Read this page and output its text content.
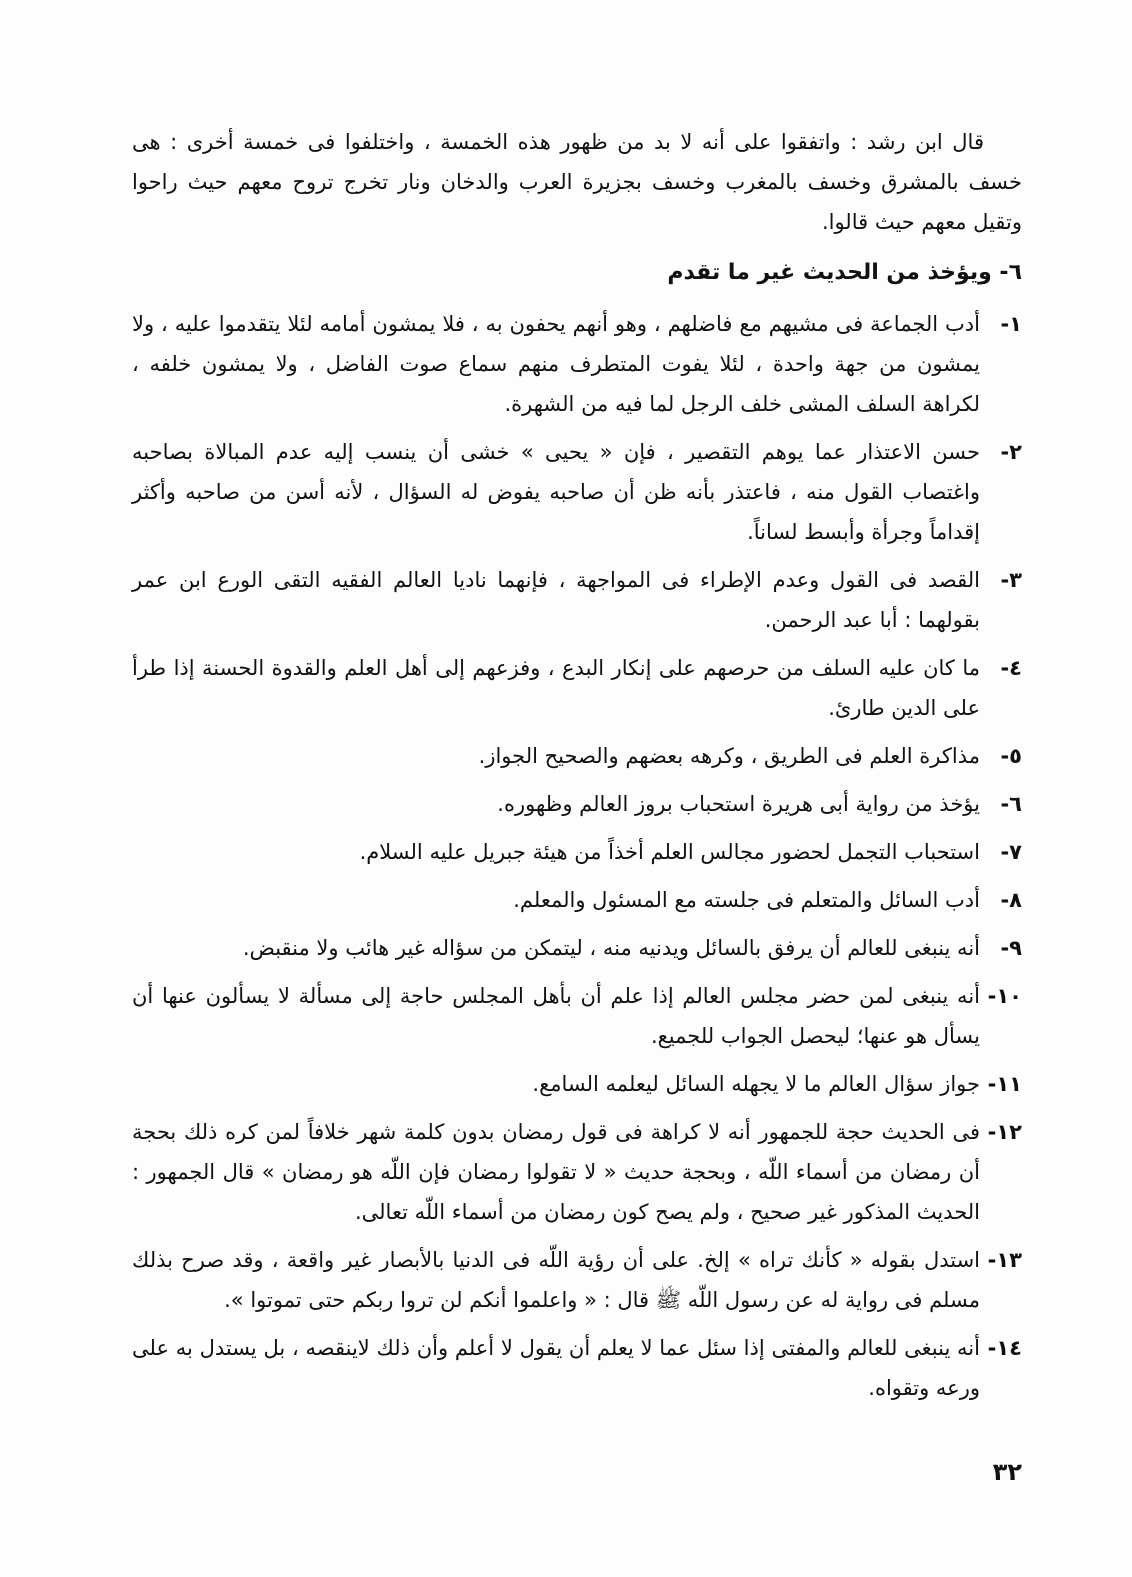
قال ابن رشد : واتفقوا على أنه لا بد من ظهور هذه الخمسة ، واختلفوا فى خمسة أخرى : هى خسف بالمشرق وخسف بالمغرب وخسف بجزيرة العرب والدخان ونار تخرج تروح معهم حيث راحوا وتقيل معهم حيث قالوا.

٦- ويؤخذ من الحديث غير ما تقدم
١-
أدب الجماعة فى مشيهم مع فاضلهم ، وهو أنهم يحفون به ، فلا يمشون أمامه لئلا يتقدموا عليه ، ولا يمشون من جهة واحدة ، لئلا يفوت المتطرف منهم سماع صوت الفاضل ، ولا يمشون خلفه ، لكراهة السلف المشى خلف الرجل لما فيه من الشهرة.
٢-
حسن الاعتذار عما يوهم التقصير ، فإن « يحيى » خشى أن ينسب إليه عدم المبالاة بصاحبه واغتصاب القول منه ، فاعتذر بأنه ظن أن صاحبه يفوض له السؤال ، لأنه أسن من صاحبه وأكثر إقداماً وجرأة وأبسط لساناً.
٣-
القصد فى القول وعدم الإطراء فى المواجهة ، فإنهما ناديا العالم الفقيه التقى الورع ابن عمر بقولهما : أبا عبد الرحمن.
٤-
ما كان عليه السلف من حرصهم على إنكار البدع ، وفزعهم إلى أهل العلم والقدوة الحسنة إذا طرأ على الدين طارئ.
٥-
مذاكرة العلم فى الطريق ، وكرهه بعضهم والصحيح الجواز.
٦-
يؤخذ من رواية أبى هريرة استحباب بروز العالم وظهوره.
٧-
استحباب التجمل لحضور مجالس العلم أخذاً من هيئة جبريل عليه السلام.
٨-
أدب السائل والمتعلم فى جلسته مع المسئول والمعلم.
٩-
أنه ينبغى للعالم أن يرفق بالسائل ويدنيه منه ، ليتمكن من سؤاله غير هائب ولا منقبض.
١٠-
أنه ينبغى لمن حضر مجلس العالم إذا علم أن بأهل المجلس حاجة إلى مسألة لا يسألون عنها أن يسأل هو عنها؛ ليحصل الجواب للجميع.
١١-
جواز سؤال العالم ما لا يجهله السائل ليعلمه السامع.
١٢-
فى الحديث حجة للجمهور أنه لا كراهة فى قول رمضان بدون كلمة شهر خلافاً لمن كره ذلك بحجة أن رمضان من أسماء اللّه ، وبحجة حديث « لا تقولوا رمضان فإن اللّه هو رمضان » قال الجمهور : الحديث المذكور غير صحيح ، ولم يصح كون رمضان من أسماء اللّه تعالى.
١٣-
استدل بقوله « كأنك تراه » إلخ. على أن رؤية اللّه فى الدنيا بالأبصار غير واقعة ، وقد صرح بذلك مسلم فى رواية له عن رسول اللّه ﷺ قال : « واعلموا أنكم لن تروا ربكم حتى تموتوا ».
١٤-
أنه ينبغى للعالم والمفتى إذا سئل عما لا يعلم أن يقول لا أعلم وأن ذلك لاينقصه ، بل يستدل به على ورعه وتقواه.
٣٢
